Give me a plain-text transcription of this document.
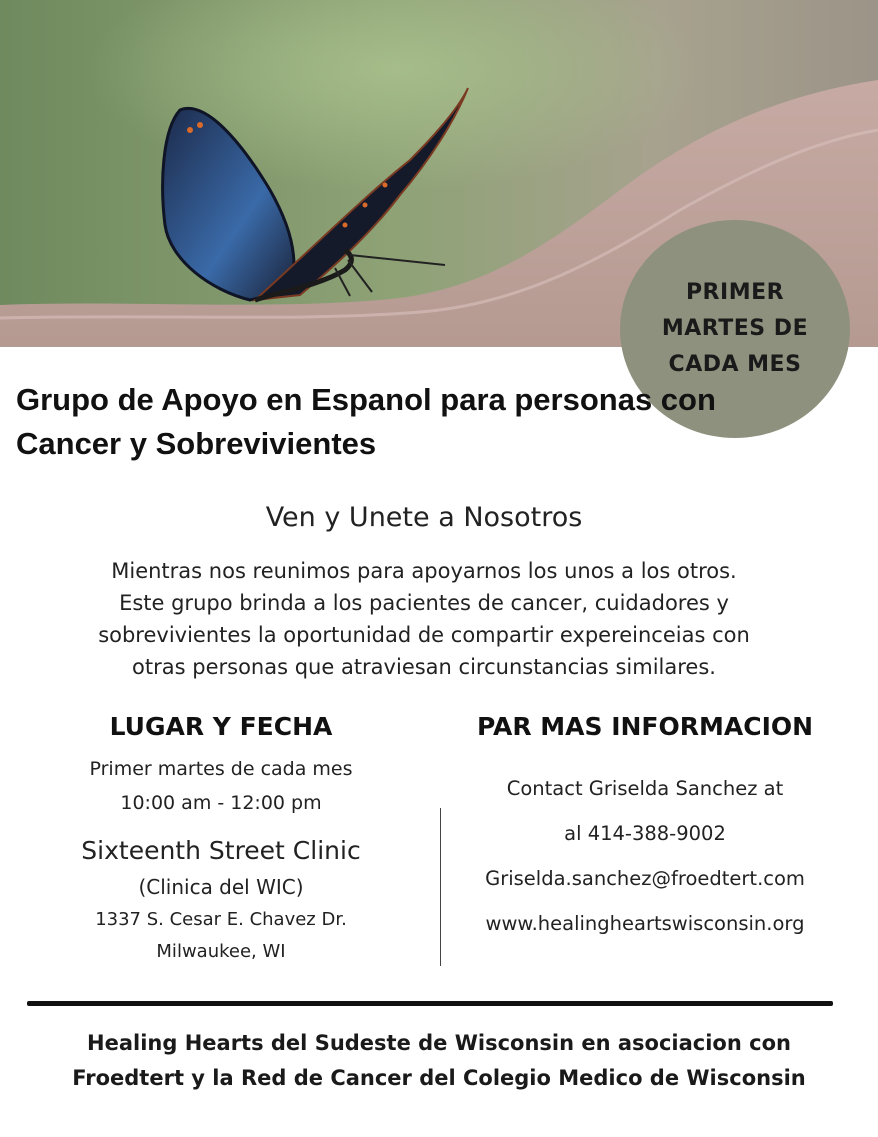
PRIMER MARTES DE CADA MES
Grupo de Apoyo en Espanol para personas con Cancer y Sobrevivientes
Ven y Unete a Nosotros

Mientras nos reunimos para apoyarnos los unos a los otros.

Este grupo brinda a los pacientes de cancer, cuidadores y

sobrevivientes la oportunidad de compartir expereinceias con

otras personas que atraviesan circunstancias similares.

LUGAR Y FECHA

Primer martes de cada mes

10:00 am - 12:00 pm

Sixteenth Street Clinic

(Clinica del WIC)

1337 S. Cesar E. Chavez Dr.

Milwaukee, WI

PAR MAS INFORMACION

Contact Griselda Sanchez at

al 414-388-9002

Griselda.sanchez@froedtert.com

www.healingheartswisconsin.org

Healing Hearts del Sudeste de Wisconsin en asociacion con

Froedtert y la Red de Cancer del Colegio Medico de Wisconsin
